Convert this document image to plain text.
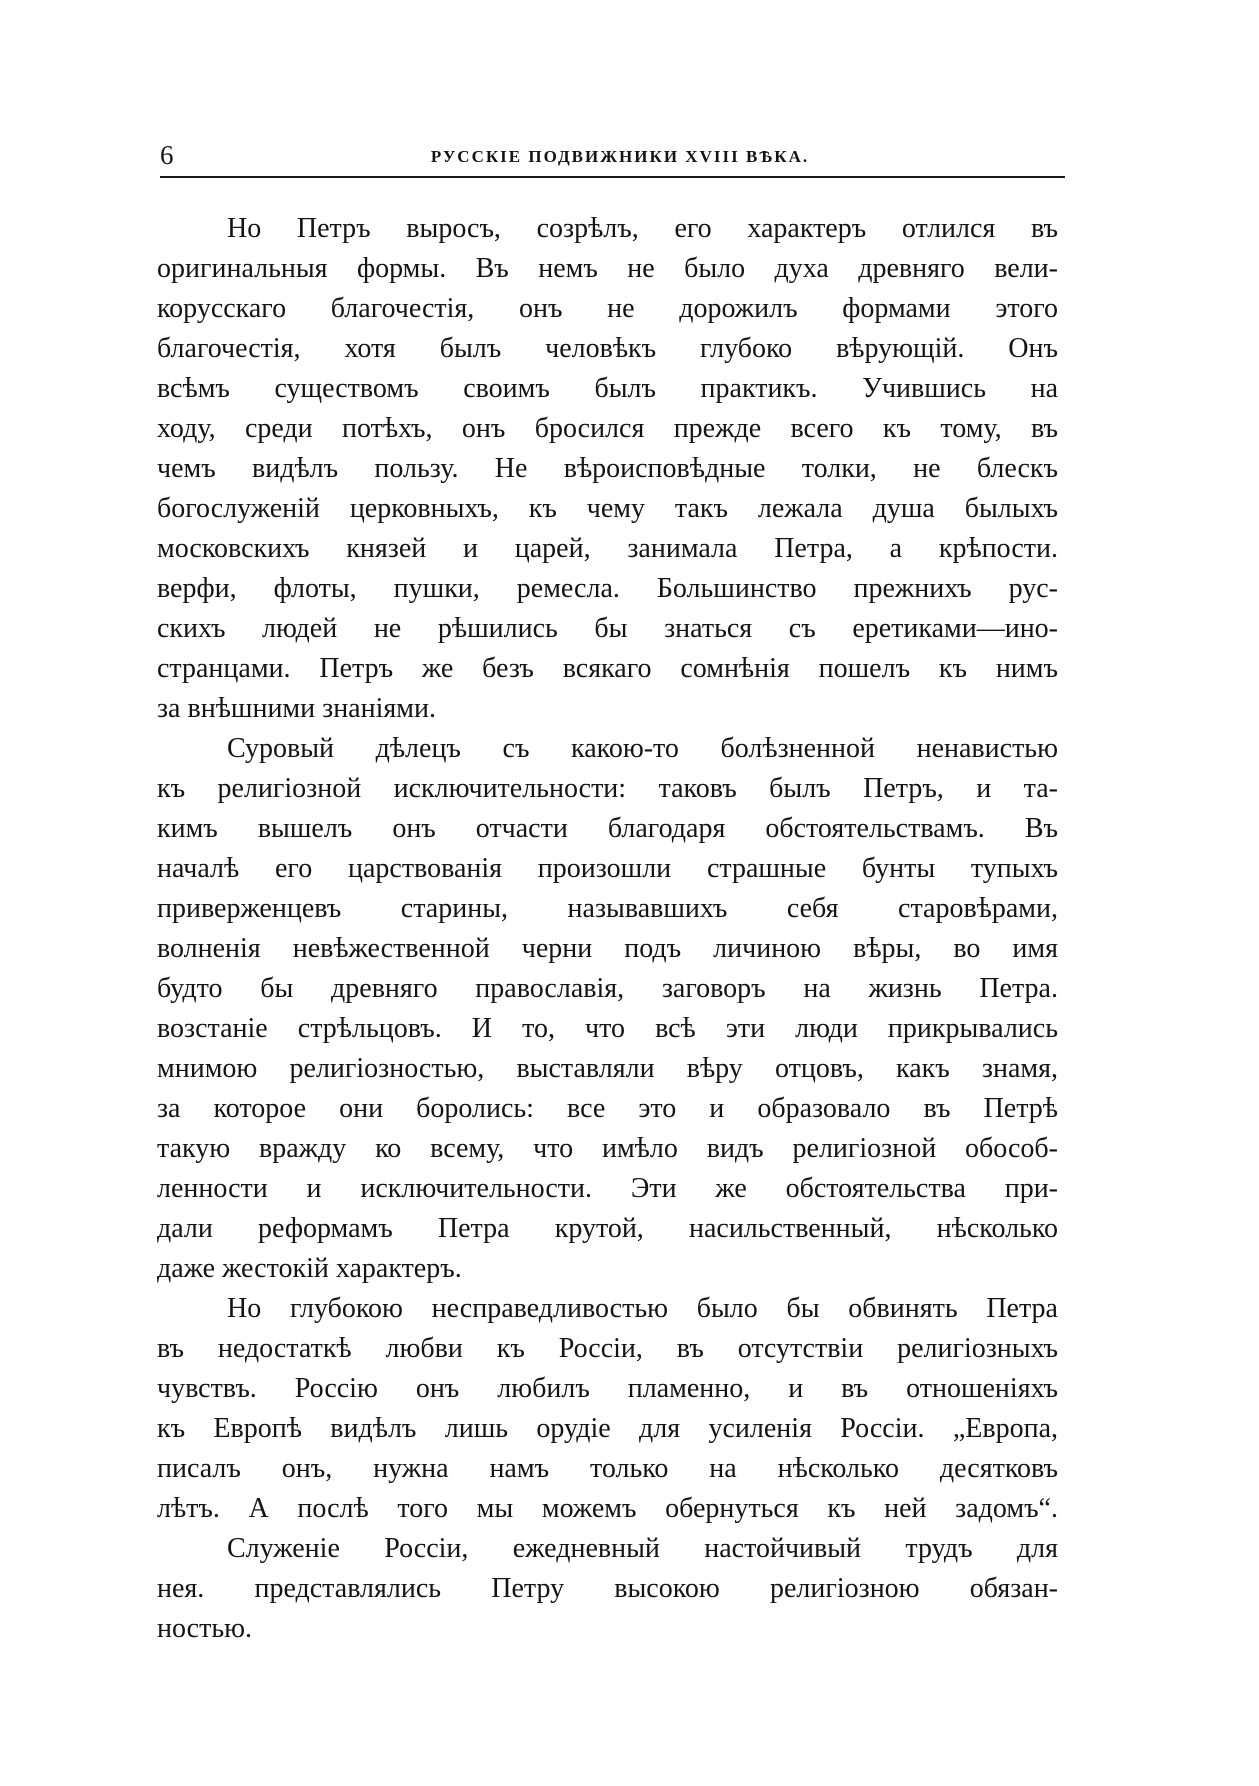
6	РУССКІЕ ПОДВИЖНИКИ XVIII ВѢКА.
Но Петръ выросъ, созрѣлъ, его характеръ отлился въ
оригинальныя формы. Въ немъ не было духа древняго вели-
корусскаго благочестія, онъ не дорожилъ формами этого
благочестія, хотя былъ человѣкъ глубоко вѣрующій. Онъ
всѣмъ существомъ своимъ былъ практикъ. Учившись на
ходу, среди потѣхъ, онъ бросился прежде всего къ тому, въ
чемъ видѣлъ пользу. Не вѣроисповѣдные толки, не блескъ
богослуженій церковныхъ, къ чему такъ лежала душа былыхъ
московскихъ князей и царей, занимала Петра, а крѣпости.
верфи, флоты, пушки, ремесла. Большинство прежнихъ рус-
скихъ людей не рѣшились бы знаться съ еретиками—ино-
странцами. Петръ же безъ всякаго сомнѣнія пошелъ къ нимъ
за внѣшними знаніями.
Суровый дѣлецъ съ какою-то болѣзненной ненавистью
къ религіозной исключительности: таковъ былъ Петръ, и та-
кимъ вышелъ онъ отчасти благодаря обстоятельствамъ. Въ
началѣ его царствованія произошли страшные бунты тупыхъ
приверженцевъ старины, называвшихъ себя старовѣрами,
волненія невѣжественной черни подъ личиною вѣры, во имя
будто бы древняго православія, заговоръ на жизнь Петра.
возстаніе стрѣльцовъ. И то, что всѣ эти люди прикрывались
мнимою религіозностью, выставляли вѣру отцовъ, какъ знамя,
за которое они боролись: все это и образовало въ Петрѣ
такую вражду ко всему, что имѣло видъ религіозной обособ-
ленности и исключительности. Эти же обстоятельства при-
дали реформамъ Петра крутой, насильственный, нѣсколько
даже жестокій характеръ.
Но глубокою несправедливостью было бы обвинять Петра
въ недостаткѣ любви къ Россіи, въ отсутствіи религіозныхъ
чувствъ. Россію онъ любилъ пламенно, и въ отношеніяхъ
къ Европѣ видѣлъ лишь орудіе для усиленія Россіи. „Европа,
писалъ онъ, нужна намъ только на нѣсколько десятковъ
лѣтъ. А послѣ того мы можемъ обернуться къ ней задомъ“.
Служеніе Россіи, ежедневный настойчивый трудъ для
нея. представлялись Петру высокою религіозною обязан-
ностью.
